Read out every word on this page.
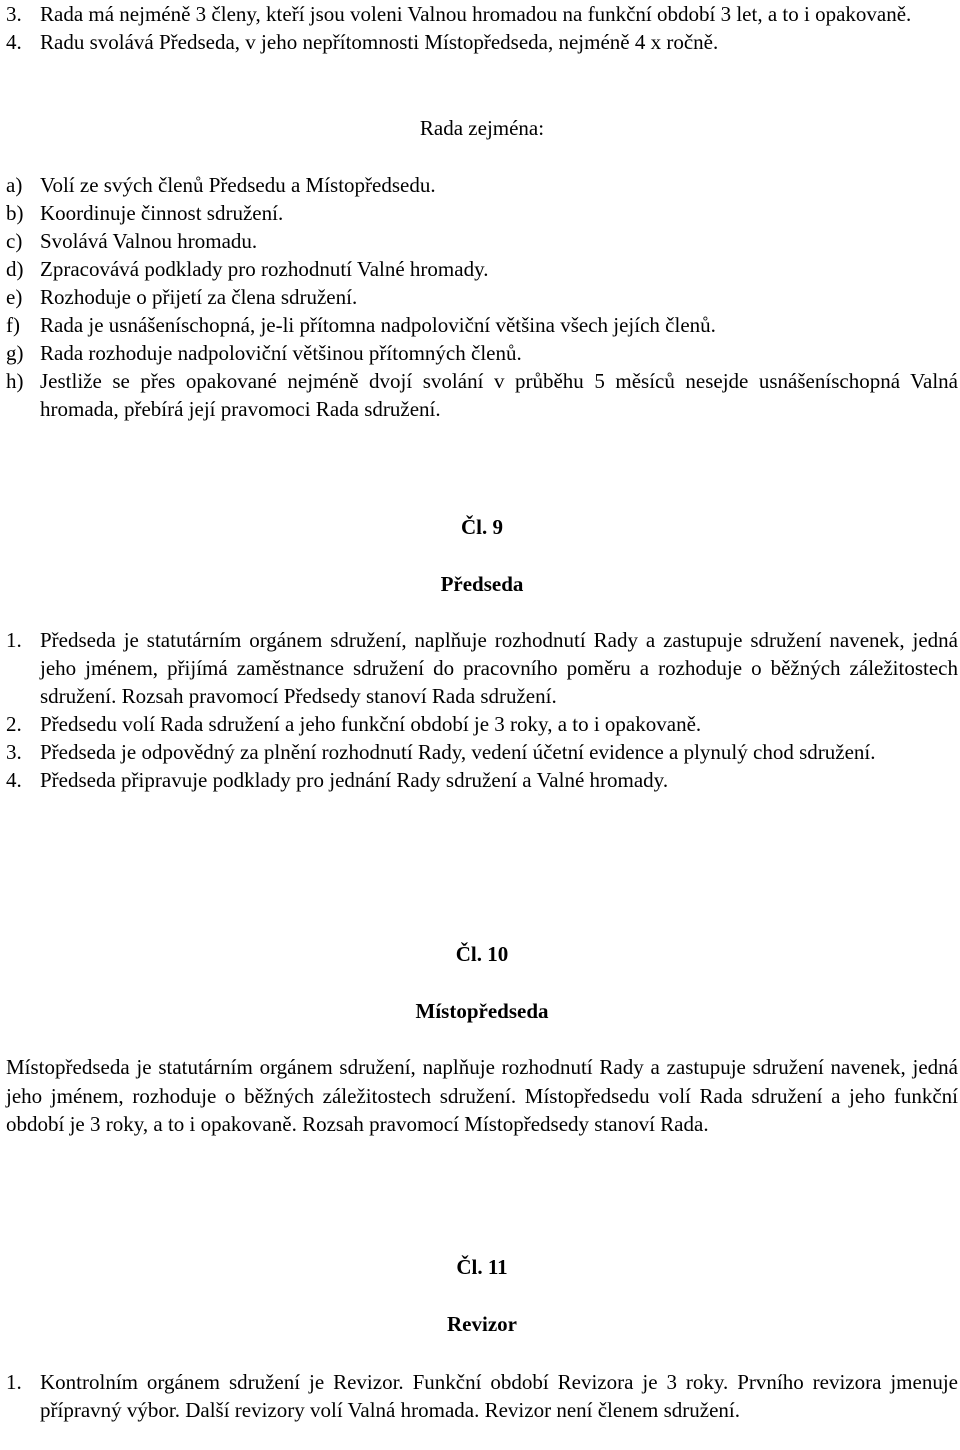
3. Rada má nejméně 3 členy, kteří jsou voleni Valnou hromadou na funkční období 3 let, a to i opakovaně.
4. Radu svolává Předseda, v jeho nepřítomnosti Místopředseda, nejméně 4 x ročně.
Rada zejména:
a) Volí ze svých členů Předsedu a Místopředsedu.
b) Koordinuje činnost sdružení.
c) Svolává Valnou hromadu.
d) Zpracovává podklady pro rozhodnutí Valné hromady.
e) Rozhoduje o přijetí za člena sdružení.
f) Rada je usnášeníschopná, je-li přítomna nadpoloviční většina všech jejích členů.
g) Rada rozhoduje nadpoloviční většinou přítomných členů.
h) Jestliže se přes opakované nejméně dvojí svolání v průběhu 5 měsíců nesejde usnášeníschopná Valná hromada, přebírá její pravomoci Rada sdružení.
Čl. 9
Předseda
1. Předseda je statutárním orgánem sdružení, naplňuje rozhodnutí Rady a zastupuje sdružení navenek, jedná jeho jménem, přijímá zaměstnance sdružení do pracovního poměru a rozhoduje o běžných záležitostech sdružení. Rozsah pravomocí Předsedy stanoví Rada sdružení.
2. Předsedu volí Rada sdružení a jeho funkční období je 3 roky, a to i opakovaně.
3. Předseda je odpovědný za plnění rozhodnutí Rady, vedení účetní evidence a plynulý chod sdružení.
4. Předseda připravuje podklady pro jednání Rady sdružení a Valné hromady.
Čl. 10
Místopředseda
Místopředseda je statutárním orgánem sdružení, naplňuje rozhodnutí Rady a zastupuje sdružení navenek, jedná jeho jménem, rozhoduje o běžných záležitostech sdružení. Místopředsedu volí Rada sdružení a jeho funkční období je 3 roky, a to i opakovaně. Rozsah pravomocí Místopředsedy stanoví Rada.
Čl. 11
Revizor
1. Kontrolním orgánem sdružení je Revizor. Funkční období Revizora je 3 roky. Prvního revizora jmenuje přípravný výbor. Další revizory volí Valná hromada. Revizor není členem sdružení.
